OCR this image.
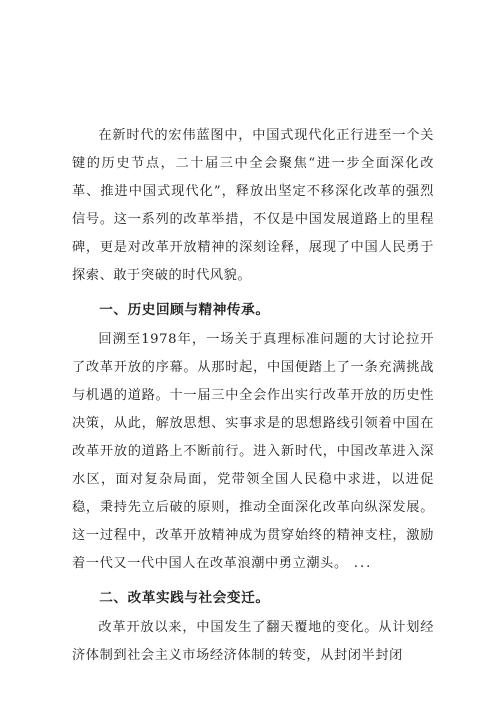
在新时代的宏伟蓝图中，中国式现代化正行进至一个关键的历史节点，二十届三中全会聚焦“进一步全面深化改革、推进中国式现代化”，释放出坚定不移深化改革的强烈信号。这一系列的改革举措，不仅是中国发展道路上的里程碑，更是对改革开放精神的深刻诠释，展现了中国人民勇于探索、敢于突破的时代风貌。

一、历史回顾与精神传承。

回溯至1978年，一场关于真理标准问题的大讨论拉开了改革开放的序幕。从那时起，中国便踏上了一条充满挑战与机遇的道路。十一届三中全会作出实行改革开放的历史性决策，从此，解放思想、实事求是的思想路线引领着中国在改革开放的道路上不断前行。进入新时代，中国改革进入深水区，面对复杂局面，党带领全国人民稳中求进，以进促稳，秉持先立后破的原则，推动全面深化改革向纵深发展。这一过程中，改革开放精神成为贯穿始终的精神支柱，激励着一代又一代中国人在改革浪潮中勇立潮头。 ...

二、改革实践与社会变迁。

改革开放以来，中国发生了翻天覆地的变化。从计划经济体制到社会主义市场经济体制的转变，从封闭半封闭
